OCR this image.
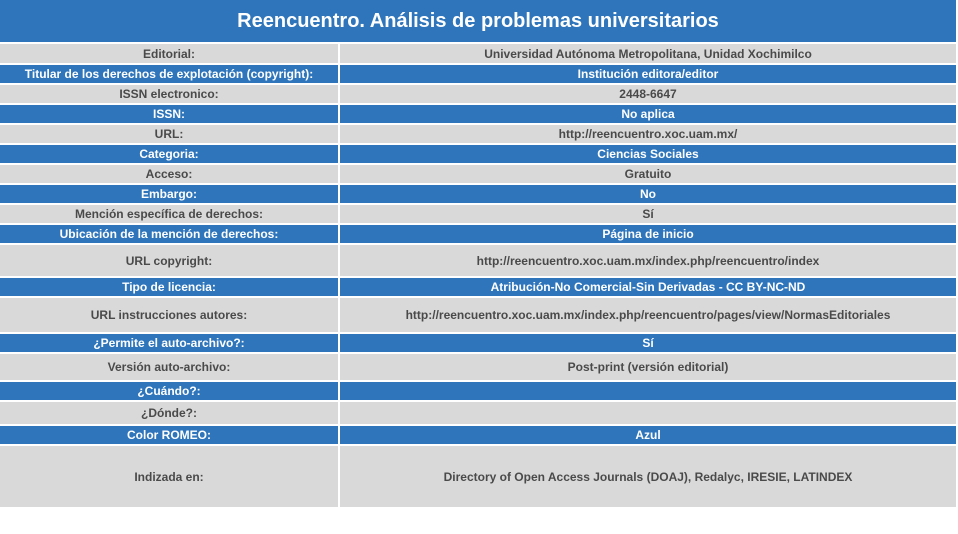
Reencuentro. Análisis de problemas universitarios
Editorial:	Universidad Autónoma Metropolitana, Unidad Xochimilco
Titular de los derechos de explotación (copyright):	Institución editora/editor
ISSN electronico:	2448-6647
ISSN:	No aplica
URL:	http://reencuentro.xoc.uam.mx/
Categoria:	Ciencias Sociales
Acceso:	Gratuito
Embargo:	No
Mención específica de derechos:	Sí
Ubicación de la mención de derechos:	Página de inicio
URL copyright:	http://reencuentro.xoc.uam.mx/index.php/reencuentro/index
Tipo de licencia:	Atribución-No Comercial-Sin Derivadas - CC BY-NC-ND
URL instrucciones autores:	http://reencuentro.xoc.uam.mx/index.php/reencuentro/pages/view/NormasEditoriales
¿Permite el auto-archivo?:	Sí
Versión auto-archivo:	Post-print (versión editorial)
¿Cuándo?:	
¿Dónde?:	
Color ROMEO:	Azul
Indizada en:	Directory of Open Access Journals (DOAJ), Redalyc, IRESIE, LATINDEX
